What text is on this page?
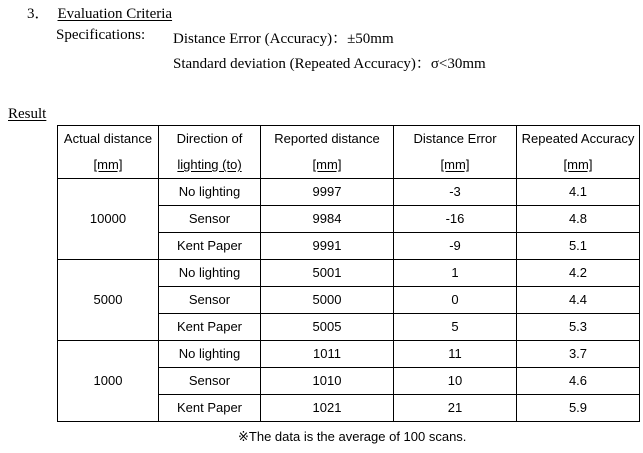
3． Evaluation Criteria
Specifications: Distance Error (Accuracy)：±50mm
Standard deviation (Repeated Accuracy)：σ<30mm
Result
Actual distance	Direction of	Reported distance	Distance Error	Repeated Accuracy
[mm]	lighting (to)	[mm]	[mm]	[mm]
10000	No lighting	9997	-3	4.1
	Sensor	9984	-16	4.8
	Kent Paper	9991	-9	5.1
5000	No lighting	5001	1	4.2
	Sensor	5000	0	4.4
	Kent Paper	5005	5	5.3
1000	No lighting	1011	11	3.7
	Sensor	1010	10	4.6
	Kent Paper	1021	21	5.9
※The data is the average of 100 scans.
